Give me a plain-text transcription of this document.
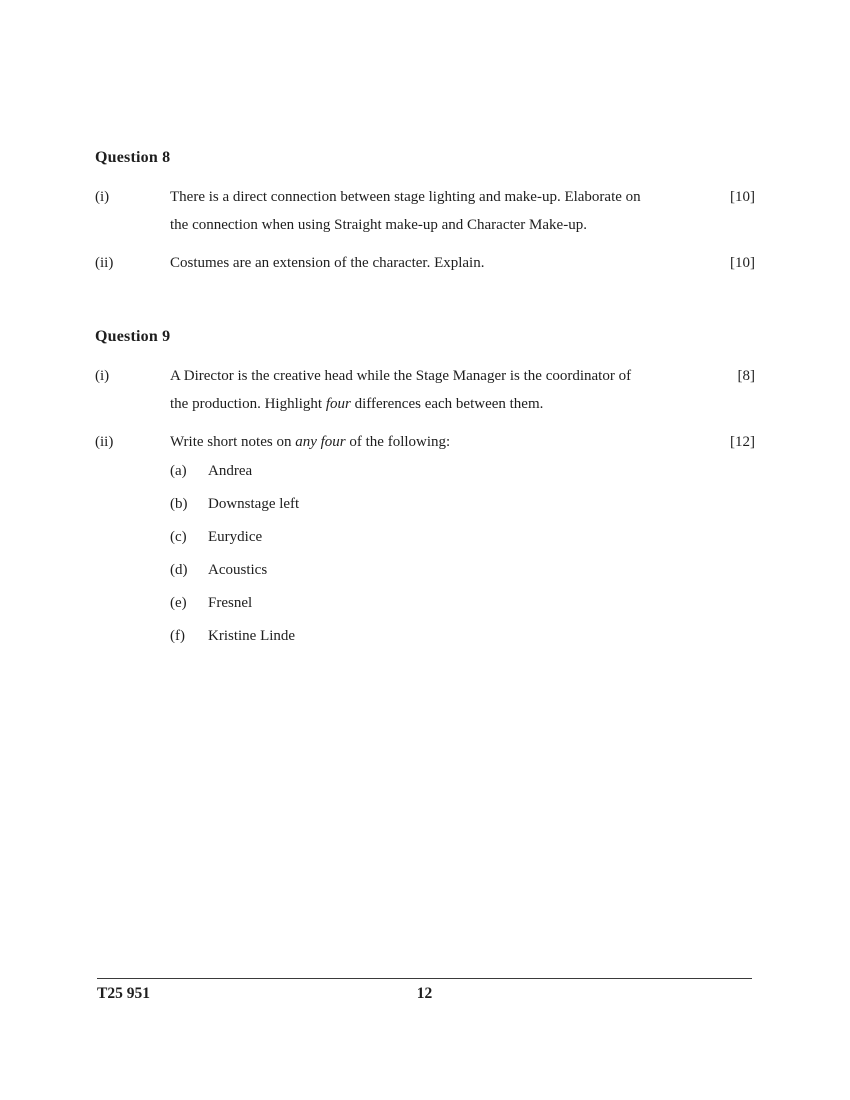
Question 8
(i)	There is a direct connection between stage lighting and make-up. Elaborate on
the connection when using Straight make-up and Character Make-up.
[10]
(ii)	Costumes are an extension of the character. Explain.	[10]
Question 9
(i)	A Director is the creative head while the Stage Manager is the coordinator of
the production. Highlight four differences each between them.
[8]
(ii)	Write short notes on any four of the following:	[12]
(a)	Andrea
(b)	Downstage left
(c)	Eurydice
(d)	Acoustics
(e)	Fresnel
(f)	Kristine Linde
T25 951	12
